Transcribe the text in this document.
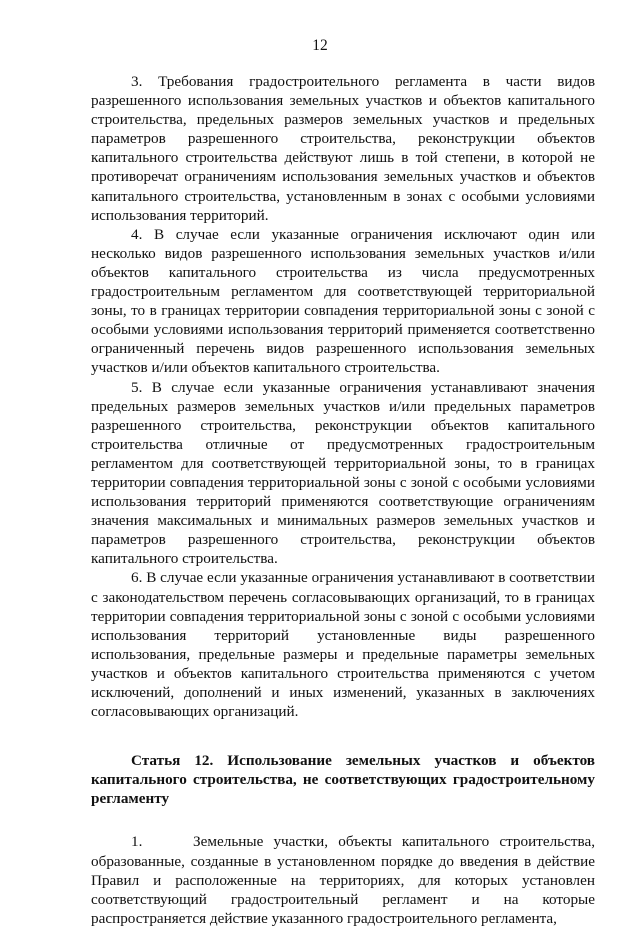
12

3. Требования градостроительного регламента в части видов разрешенного использования земельных участков и объектов капитального строительства, предельных размеров земельных участков и предельных параметров разрешенного строительства, реконструкции объектов капитального строительства действуют лишь в той степени, в которой не противоречат ограничениям использования земельных участков и объектов капитального строительства, установленным в зонах с особыми условиями использования территорий.

4. В случае если указанные ограничения исключают один или несколько видов разрешенного использования земельных участков и/или объектов капитального строительства из числа предусмотренных градостроительным регламентом для соответствующей территориальной зоны, то в границах территории совпадения территориальной зоны с зоной с особыми условиями использования территорий применяется соответственно ограниченный перечень видов разрешенного использования земельных участков и/или объектов капитального строительства.

5. В случае если указанные ограничения устанавливают значения предельных размеров земельных участков и/или предельных параметров разрешенного строительства, реконструкции объектов капитального строительства отличные от предусмотренных градостроительным регламентом для соответствующей территориальной зоны, то в границах территории совпадения территориальной зоны с зоной с особыми условиями использования территорий применяются соответствующие ограничениям значения максимальных и минимальных размеров земельных участков и параметров разрешенного строительства, реконструкции объектов капитального строительства.

6. В случае если указанные ограничения устанавливают в соответствии с законодательством перечень согласовывающих организаций, то в границах территории совпадения территориальной зоны с зоной с особыми условиями использования территорий установленные виды разрешенного использования, предельные размеры и предельные параметры земельных участков и объектов капитального строительства применяются с учетом исключений, дополнений и иных изменений, указанных в заключениях согласовывающих организаций.

Статья 12. Использование земельных участков и объектов капитального строительства, не соответствующих градостроительному регламенту

1.     Земельные участки, объекты капитального строительства, образованные, созданные в установленном порядке до введения в действие Правил и расположенные на территориях, для которых установлен соответствующий градостроительный регламент и на которые распространяется действие указанного градостроительного регламента,
